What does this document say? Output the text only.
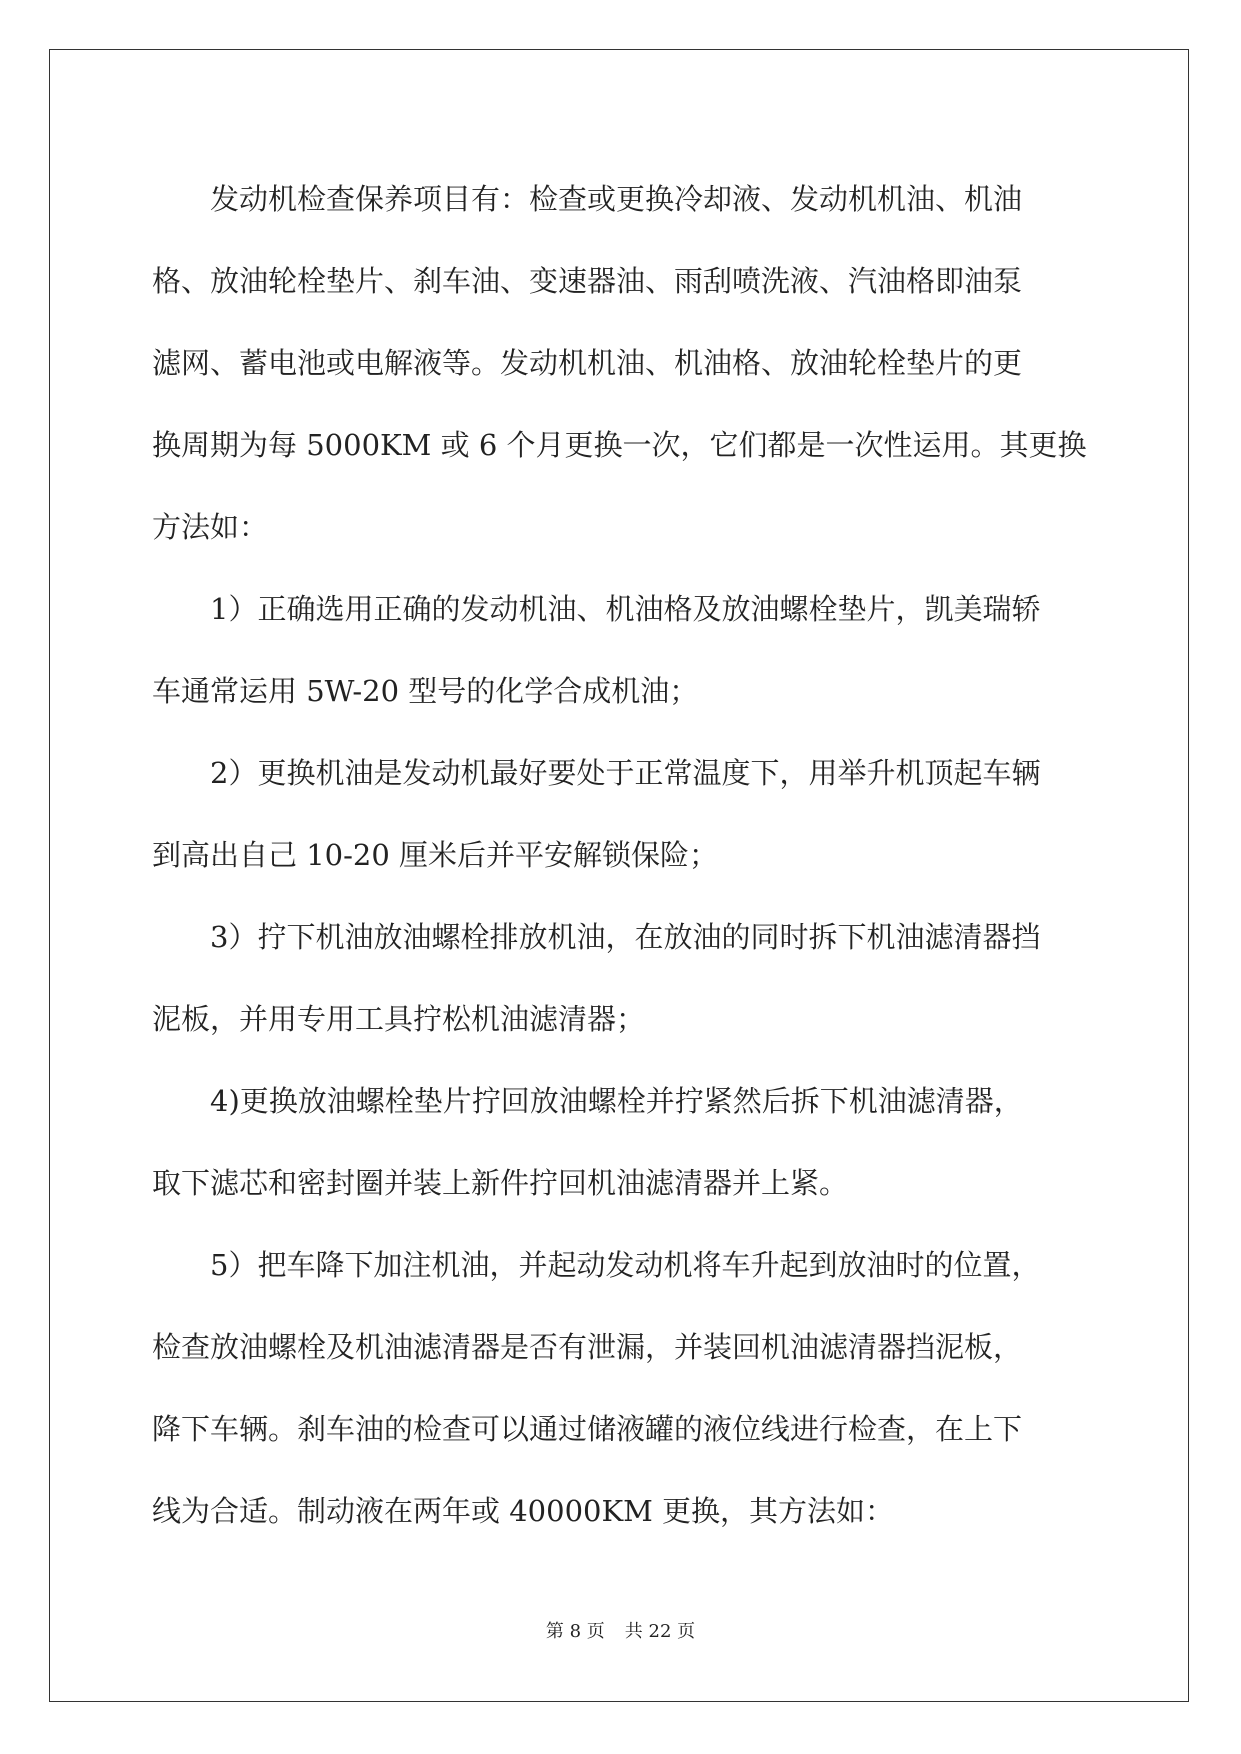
发动机检查保养项目有：检查或更换冷却液、发动机机油、机油
格、放油轮栓垫片、刹车油、变速器油、雨刮喷洗液、汽油格即油泵
滤网、蓄电池或电解液等。发动机机油、机油格、放油轮栓垫片的更
换周期为每 5000KM 或 6 个月更换一次，它们都是一次性运用。其更换
方法如：
1）正确选用正确的发动机油、机油格及放油螺栓垫片，凯美瑞轿
车通常运用 5W-20 型号的化学合成机油；
2）更换机油是发动机最好要处于正常温度下，用举升机顶起车辆
到高出自己 10-20 厘米后并平安解锁保险；
3）拧下机油放油螺栓排放机油，在放油的同时拆下机油滤清器挡
泥板，并用专用工具拧松机油滤清器；
4)更换放油螺栓垫片拧回放油螺栓并拧紧然后拆下机油滤清器，
取下滤芯和密封圈并装上新件拧回机油滤清器并上紧。
5）把车降下加注机油，并起动发动机将车升起到放油时的位置，
检查放油螺栓及机油滤清器是否有泄漏，并装回机油滤清器挡泥板，
降下车辆。刹车油的检查可以通过储液罐的液位线进行检查，在上下
线为合适。制动液在两年或 40000KM 更换，其方法如：
第 8 页 共 22 页
